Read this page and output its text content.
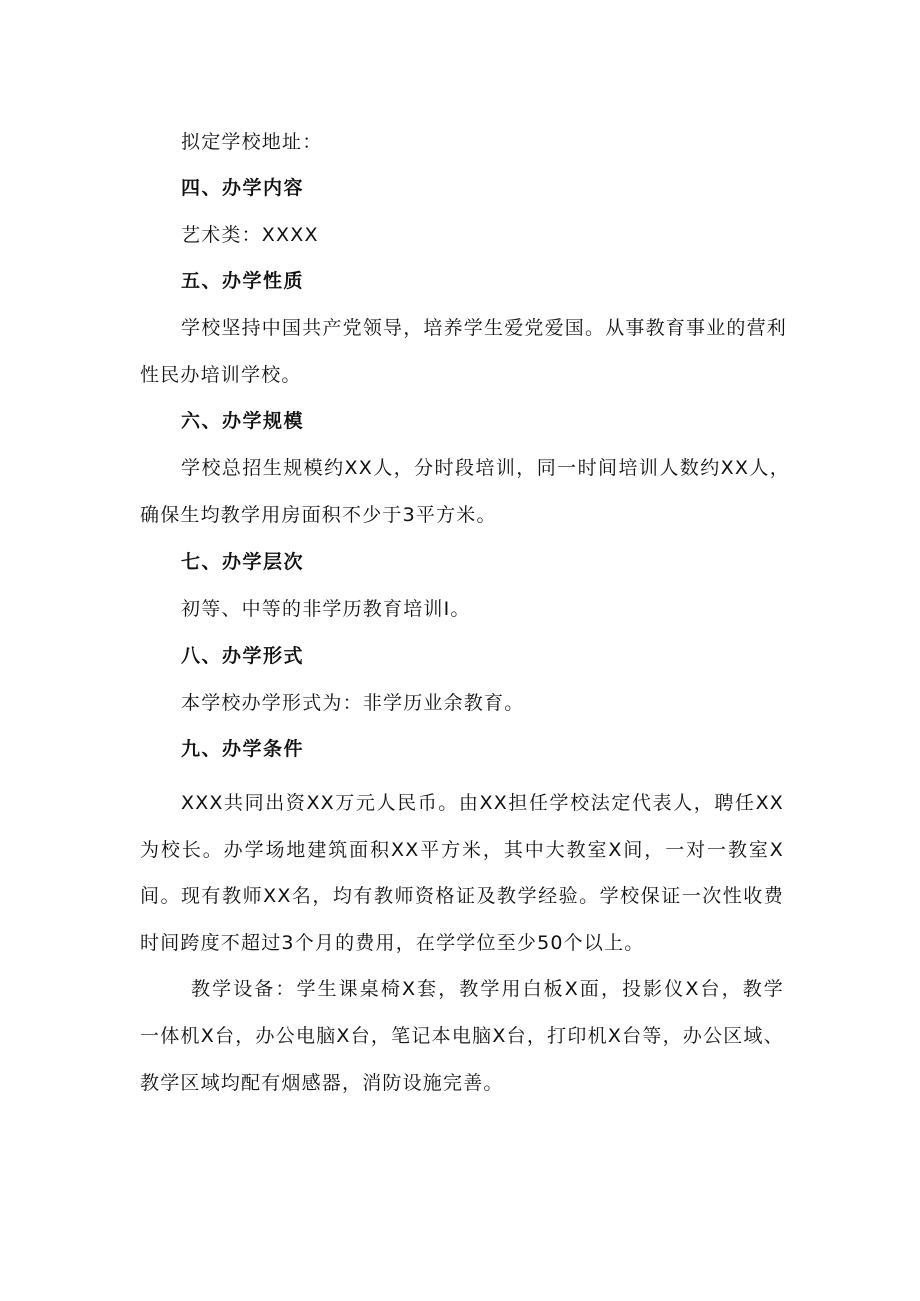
拟定学校地址：
四、办学内容
艺术类：XXXX
五、办学性质
学校坚持中国共产党领导，培养学生爱党爱国。从事教育事业的营利
性民办培训学校。
六、办学规模
学校总招生规模约XX人，分时段培训，同一时间培训人数约XX人，
确保生均教学用房面积不少于3平方米。
七、办学层次
初等、中等的非学历教育培训I。
八、办学形式
本学校办学形式为：非学历业余教育。
九、办学条件
XXX共同出资XX万元人民币。由XX担任学校法定代表人，聘任XX
为校长。办学场地建筑面积XX平方米，其中大教室X间，一对一教室X
间。现有教师XX名，均有教师资格证及教学经验。学校保证一次性收费
时间跨度不超过3个月的费用，在学学位至少50个以上。
教学设备：学生课桌椅X套，教学用白板X面，投影仪X台，教学
一体机X台，办公电脑X台，笔记本电脑X台，打印机X台等，办公区域、
教学区域均配有烟感器，消防设施完善。
